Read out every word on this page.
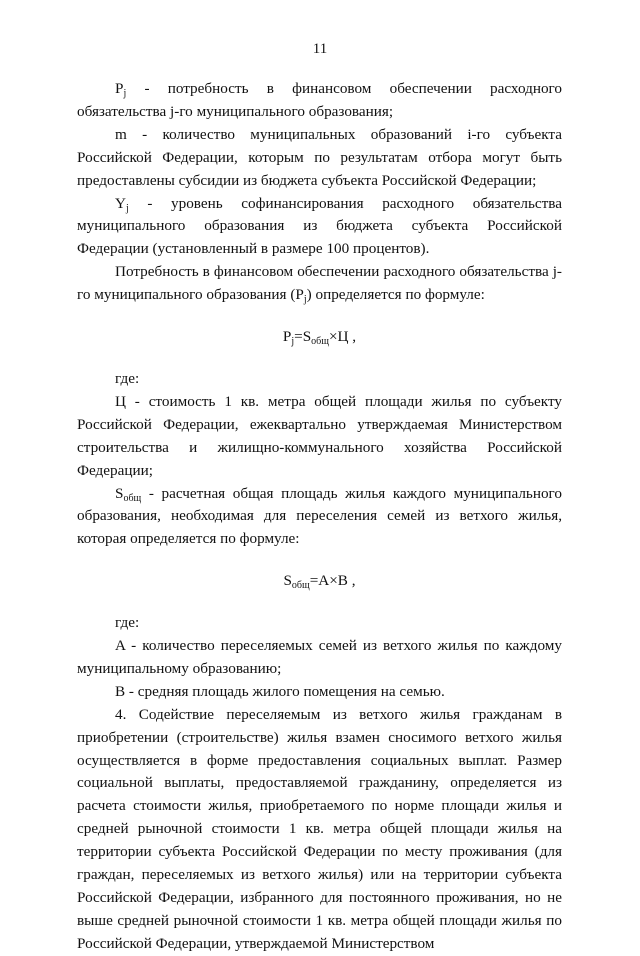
11

$P_j$ - потребность в финансовом обеспечении расходного обязательства j-го муниципального образования;

m - количество муниципальных образований i-го субъекта Российской Федерации, которым по результатам отбора могут быть предоставлены субсидии из бюджета субъекта Российской Федерации;

$Y_j$ - уровень софинансирования расходного обязательства муниципального образования из бюджета субъекта Российской Федерации (установленный в размере 100 процентов).

Потребность в финансовом обеспечении расходного обязательства j-го муниципального образования $(P_j)$ определяется по формуле:

$P_j=S_{общ}\times Ц$ ,

где:

Ц - стоимость 1 кв. метра общей площади жилья по субъекту Российской Федерации, ежеквартально утверждаемая Министерством строительства и жилищно-коммунального хозяйства Российской Федерации;

$S_{общ}$ - расчетная общая площадь жилья каждого муниципального образования, необходимая для переселения семей из ветхого жилья, которая определяется по формуле:

$S_{общ}=A\times B$ ,

где:

A - количество переселяемых семей из ветхого жилья по каждому муниципальному образованию;

B - средняя площадь жилого помещения на семью.

4. Содействие переселяемым из ветхого жилья гражданам в приобретении (строительстве) жилья взамен сносимого ветхого жилья осуществляется в форме предоставления социальных выплат. Размер социальной выплаты, предоставляемой гражданину, определяется из расчета стоимости жилья, приобретаемого по норме площади жилья и средней рыночной стоимости 1 кв. метра общей площади жилья на территории субъекта Российской Федерации по месту проживания (для граждан, переселяемых из ветхого жилья) или на территории субъекта Российской Федерации, избранного для постоянного проживания, но не выше средней рыночной стоимости 1 кв. метра общей площади жилья по Российской Федерации, утверждаемой Министерством
